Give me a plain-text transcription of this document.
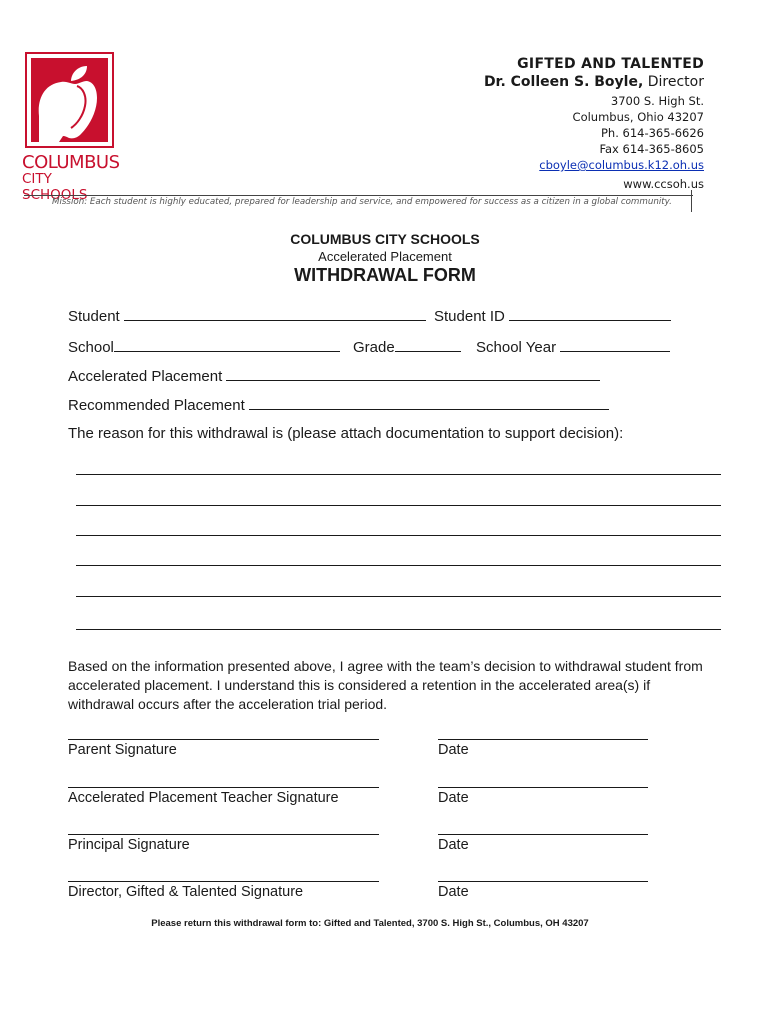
COLUMBUS
CITY SCHOOLS
GIFTED AND TALENTED
Dr. Colleen S. Boyle, Director
3700 S. High St.
Columbus, Ohio 43207
Ph. 614-365-6626
Fax 614-365-8605
cboyle@columbus.k12.oh.us
www.ccsoh.us
Mission: Each student is highly educated, prepared for leadership and service, and empowered for success as a citizen in a global community.
COLUMBUS CITY SCHOOLS
Accelerated Placement
WITHDRAWAL FORM
Student	Student ID
School	Grade	School Year
Accelerated Placement
Recommended Placement
The reason for this withdrawal is (please attach documentation to support decision):
Based on the information presented above, I agree with the team’s decision to withdrawal student from accelerated placement. I understand this is considered a retention in the accelerated area(s) if withdrawal occurs after the acceleration trial period.
Parent Signature	Date
Accelerated Placement Teacher Signature	Date
Principal Signature	Date
Director, Gifted & Talented Signature	Date
Please return this withdrawal form to: Gifted and Talented, 3700 S. High St., Columbus, OH 43207
